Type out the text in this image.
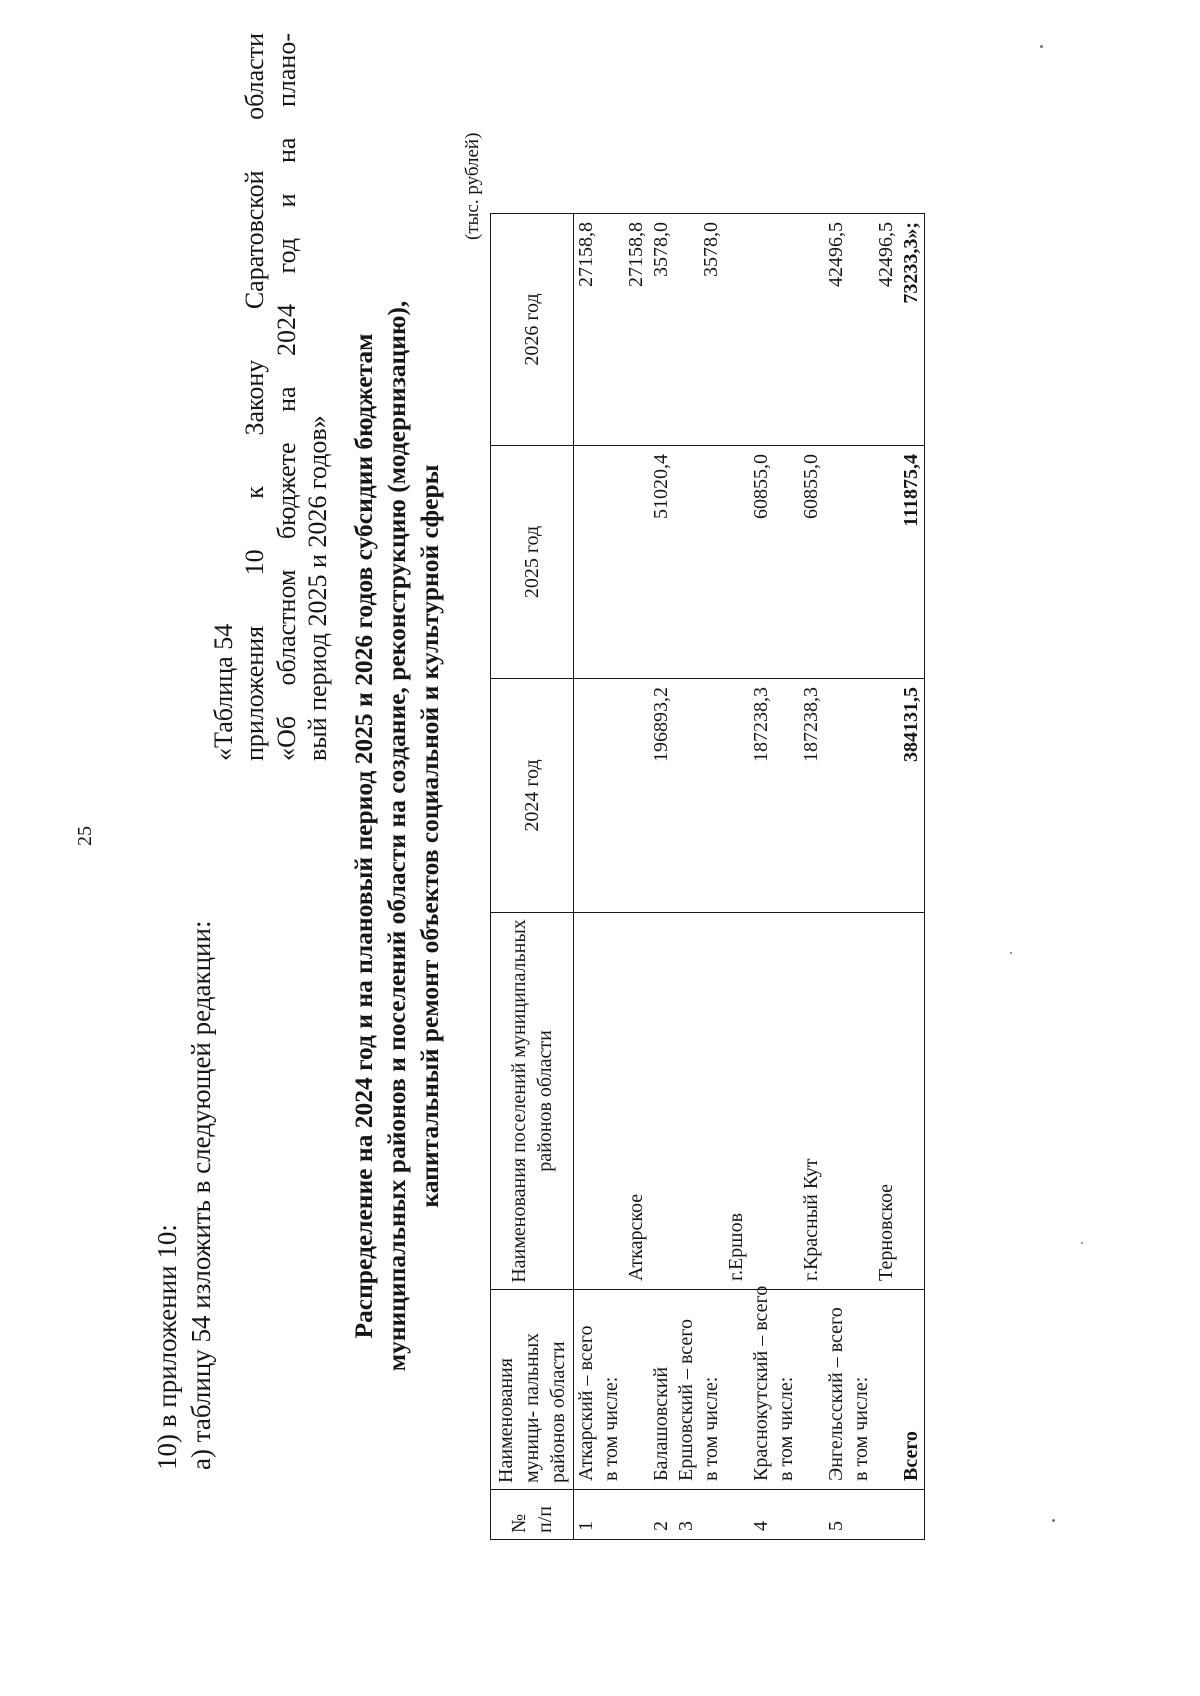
25
10) в приложении 10: а) таблицу 54 изложить в следующей редакции:
«Таблица 54 приложения 10 к Закону Саратовской области «Об областном бюджете на 2024 год и на плано- вый период 2025 и 2026 годов» Распределение на 2024 год и на плановый период 2025 и 2026 годов субсидии бюджетам муниципальных районов и поселений области на создание, реконструкцию (модернизацию), капитальный ремонт объектов социальной и культурной сферы
(тыс. рублей)
№ п/п	Наименования муници- пальных районов области	Наименования поселений муниципальных районов области	2024 год	2025 год	2026 год
1	Аткарский – всего				27158,8
	в том числе:				
		Аткарское			27158,8
2	Балашовский		196893,2	51020,4	3578,0
3	Ершовский – всего				
	в том числе:				3578,0
		г.Ершов			
4	Краснокутский – всего		187238,3	60855,0	
	в том числе:				
		г.Красный Кут	187238,3	60855,0	
5	Энгельсский – всего				42496,5
	в том числе:				
		Терновское			42496,5
	Всего		384131,5	111875,4	73233,3»;
